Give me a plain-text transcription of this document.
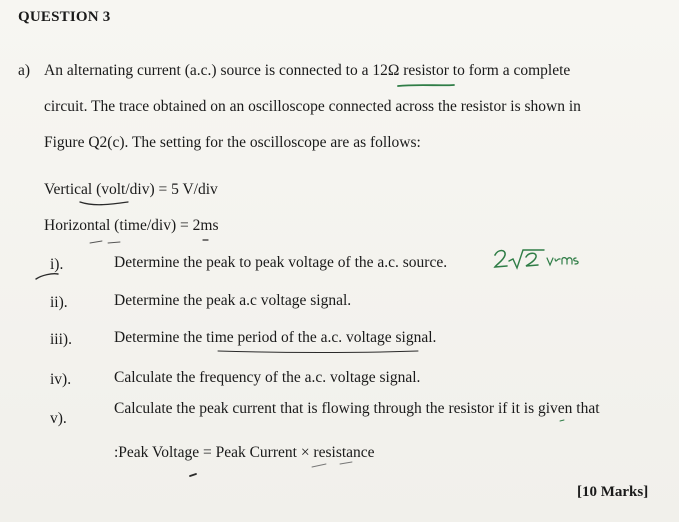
QUESTION 3
a) An alternating current (a.c.) source is connected to a 12Ω resistor to form a complete
circuit. The trace obtained on an oscilloscope connected across the resistor is shown in
Figure Q2(c). The setting for the oscilloscope are as follows:
Vertical (volt/div) = 5 V/div
Horizontal (time/div) = 2ms
i).	Determine the peak to peak voltage of the a.c. source.
ii).	Determine the peak a.c voltage signal.
iii).	Determine the time period of the a.c. voltage signal.
iv).	Calculate the frequency of the a.c. voltage signal.
v).
Calculate the peak current that is flowing through the resistor if it is given that
:Peak Voltage = Peak Current × resistance
[10 Marks]
